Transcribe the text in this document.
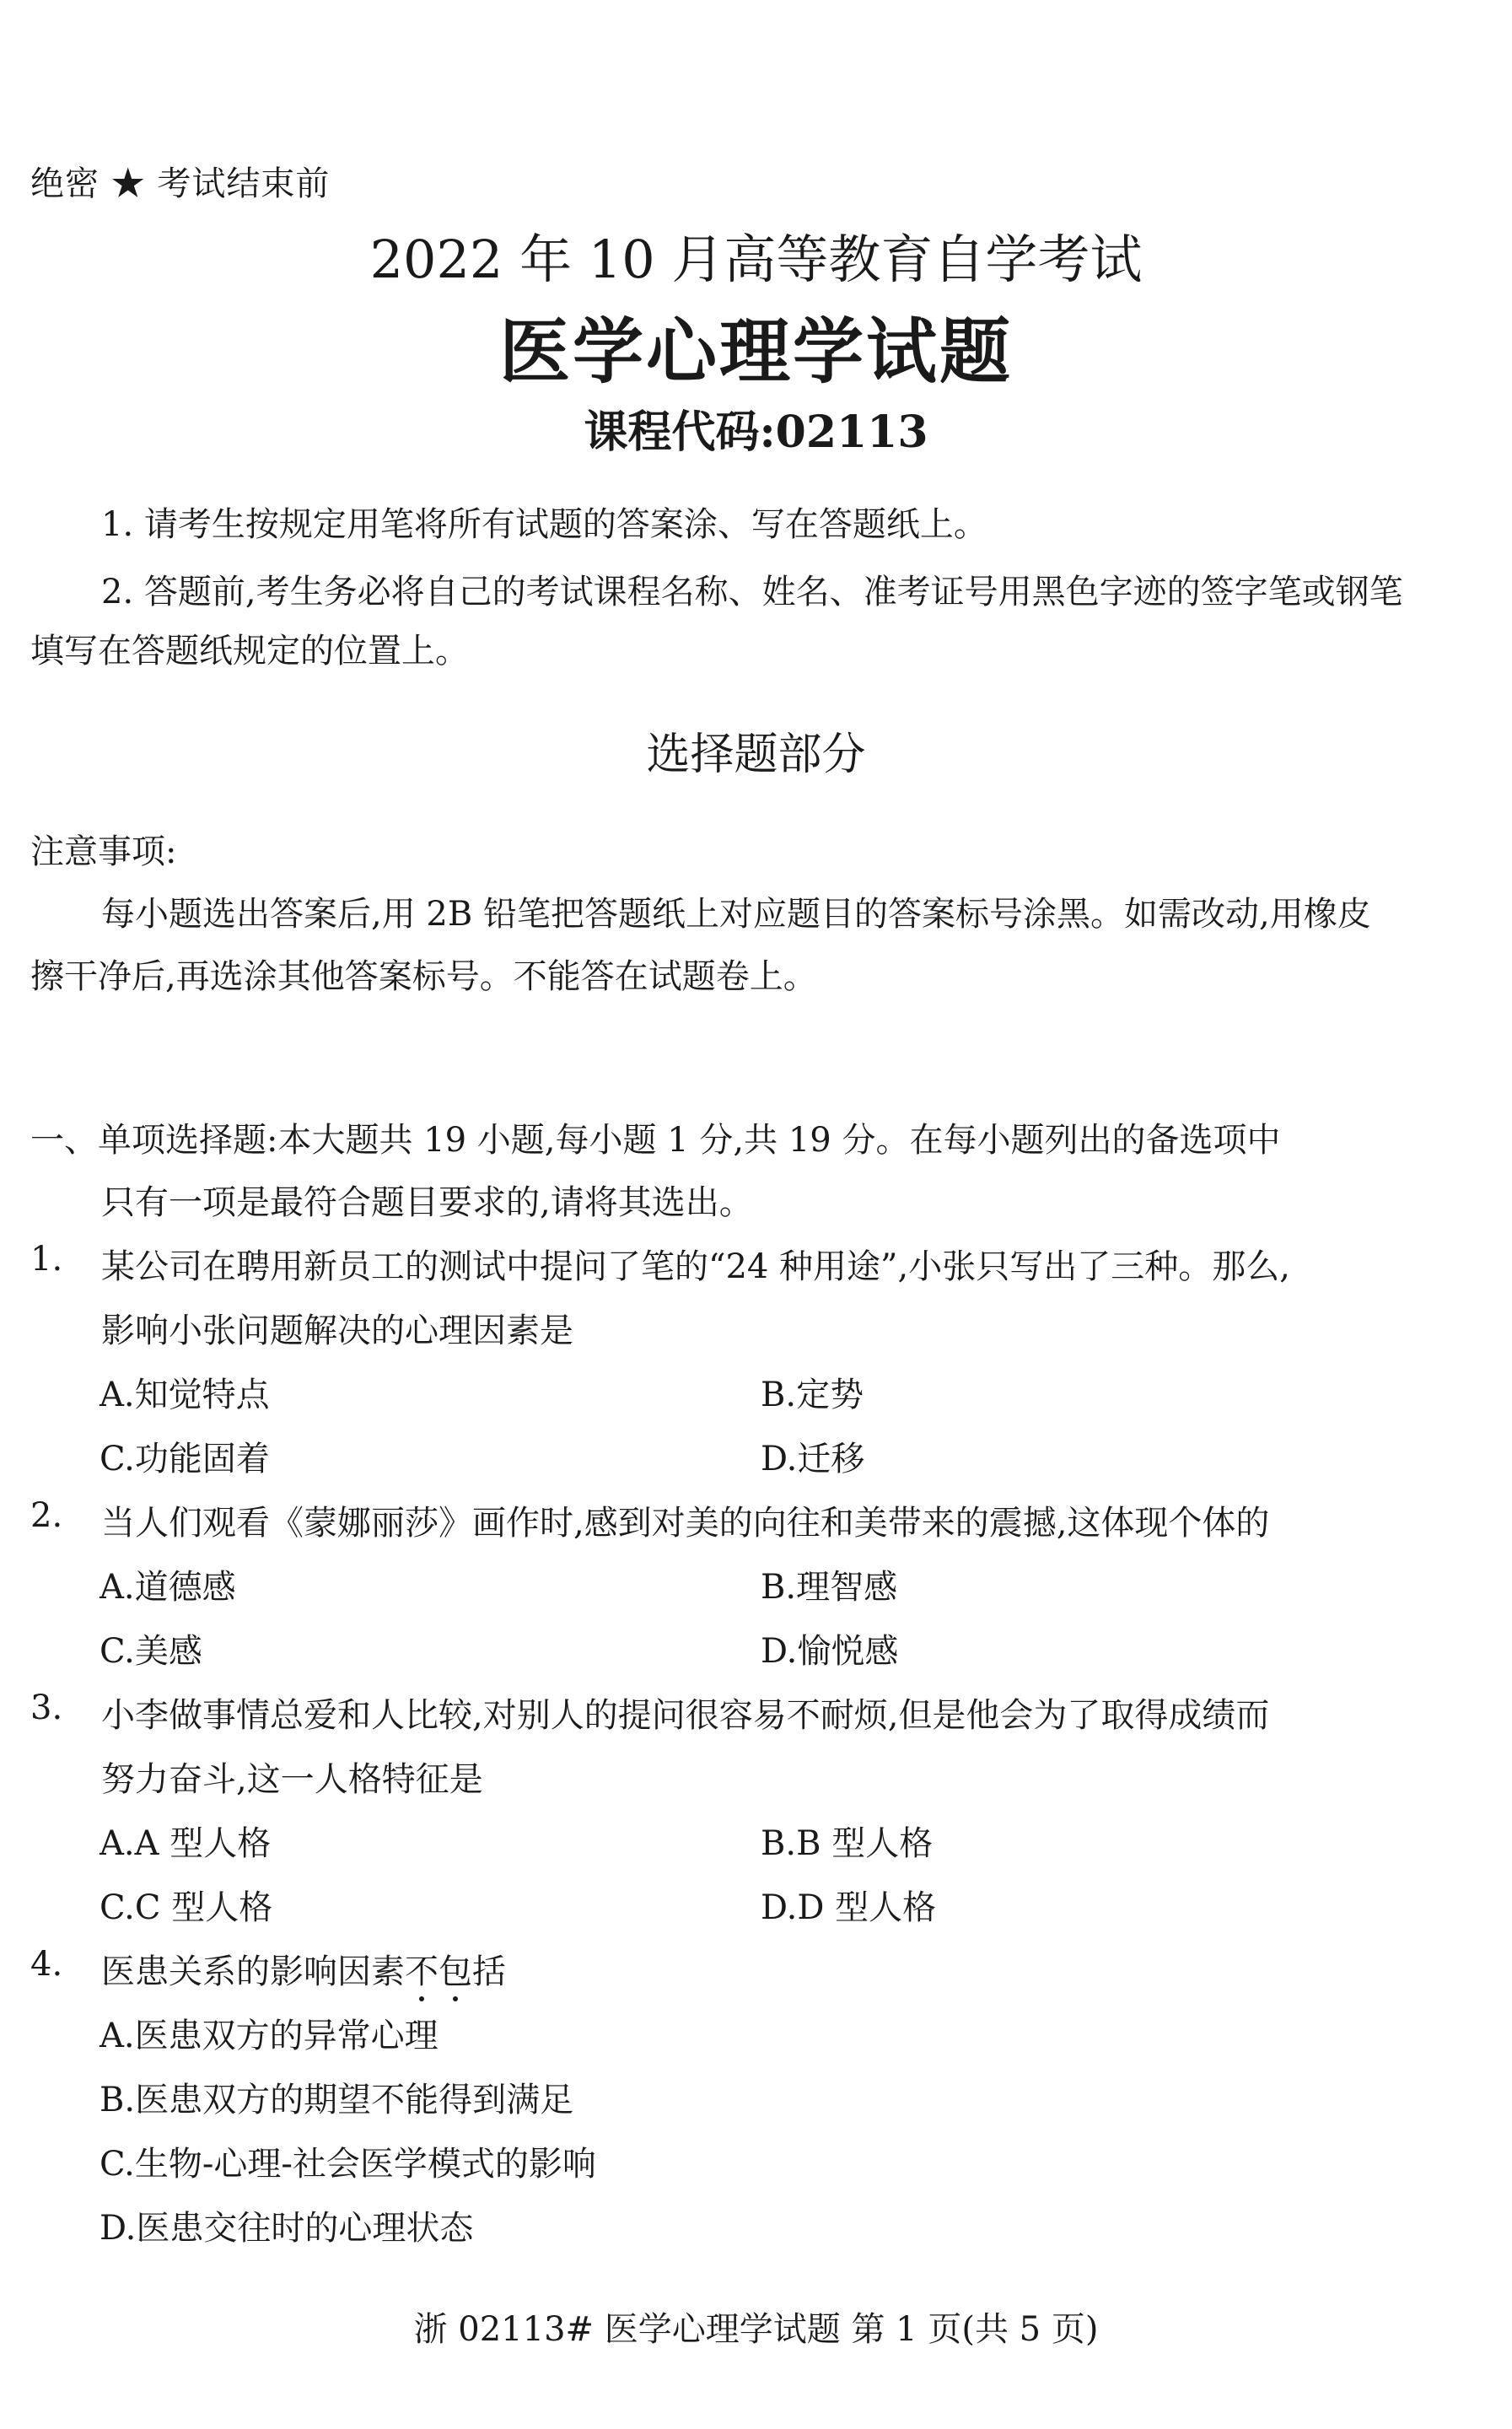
绝密 ★ 考试结束前
2022 年 10 月高等教育自学考试
医学心理学试题
课程代码:02113
1. 请考生按规定用笔将所有试题的答案涂、写在答题纸上。
2. 答题前,考生务必将自己的考试课程名称、姓名、准考证号用黑色字迹的签字笔或钢笔
填写在答题纸规定的位置上。
选择题部分
注意事项:
每小题选出答案后,用 2B 铅笔把答题纸上对应题目的答案标号涂黑。如需改动,用橡皮
擦干净后,再选涂其他答案标号。不能答在试题卷上。
一、单项选择题:本大题共 19 小题,每小题 1 分,共 19 分。在每小题列出的备选项中
只有一项是最符合题目要求的,请将其选出。
1. 某公司在聘用新员工的测试中提问了笔的“24 种用途”,小张只写出了三种。那么,
影响小张问题解决的心理因素是
A.知觉特点	B.定势
C.功能固着	D.迁移
2. 当人们观看《蒙娜丽莎》画作时,感到对美的向往和美带来的震撼,这体现个体的
A.道德感	B.理智感
C.美感	D.愉悦感
3. 小李做事情总爱和人比较,对别人的提问很容易不耐烦,但是他会为了取得成绩而
努力奋斗,这一人格特征是
A.A 型人格	B.B 型人格
C.C 型人格	D.D 型人格
4. 医患关系的影响因素不包括
A.医患双方的异常心理
B.医患双方的期望不能得到满足
C.生物-心理-社会医学模式的影响
D.医患交往时的心理状态
浙 02113# 医学心理学试题 第 1 页(共 5 页)
